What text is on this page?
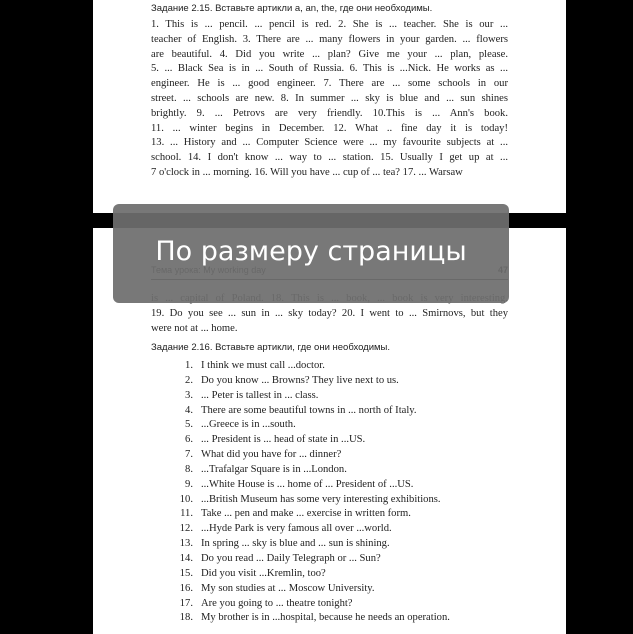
Задание 2.15. Вставьте артикли a, an, the, где они необходимы.
1. This is ... pencil. ... pencil is red. 2. She is ... teacher. She is our ...
teacher of English. 3. There are ... many flowers in your garden. ... flowers
are beautiful. 4. Did you write ... plan? Give me your ... plan, please.
5. ... Black Sea is in ... South of Russia. 6. This is ...Nick. He works as ...
engineer. He is ... good engineer. 7. There are ... some schools in our
street. ... schools are new. 8. In summer ... sky is blue and ... sun shines
brightly. 9. ... Petrovs are very friendly. 10.This is ... Ann's book.
11. ... winter begins in December. 12. What .. fine day it is today!
13. ... History and ... Computer Science were ... my favourite subjects at ...
school. 14. I don't know ... way to ... station. 15. Usually I get up at ...
7 o'clock in ... morning. 16. Will you have ... cup of ... tea? 17. ... Warsaw
19. Do you see ... sun in ... sky today? 20. I went to ... Smirnovs, but they
were not at ... home.
Задание 2.16. Вставьте артикли, где они необходимы.
1. I think we must call ...doctor.
2. Do you know ... Browns? They live next to us.
3. ... Peter is tallest in ... class.
4. There are some beautiful towns in ... north of Italy.
5. ...Greece is in ...south.
6. ... President is ... head of state in ...US.
7. What did you have for ... dinner?
8. ...Trafalgar Square is in ...London.
9. ...White House is ... home of ... President of ...US.
10. ...British Museum has some very interesting exhibitions.
11. Take ... pen and make ... exercise in written form.
12. ...Hyde Park is very famous all over ...world.
13. In spring ... sky is blue and ... sun is shining.
14. Do you read ... Daily Telegraph or ... Sun?
15. Did you visit ...Kremlin, too?
16. My son studies at ... Moscow University.
17. Are you going to ... theatre tonight?
18. My brother is in ...hospital, because he needs an operation.
По размеру страницы
